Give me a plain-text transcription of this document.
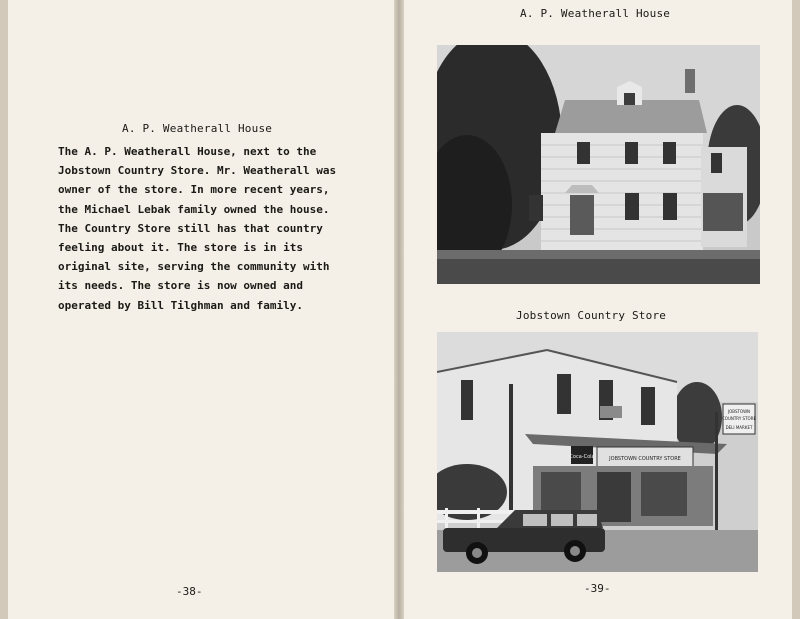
A. P. Weatherall House
The A. P. Weatherall House, next to the
Jobstown Country Store. Mr. Weatherall was
owner of the store. In more recent years,
the Michael Lebak family owned the house.
The Country Store still has that country
feeling about it. The store is in its
original site, serving the community with
its needs. The store is now owned and
operated by Bill Tilghman and family.
-38-
A. P. Weatherall House
Jobstown Country Store
Coca-Cola	JOBSTOWN COUNTRY STORE
JOBSTOWN
COUNTRY STORE
DELI MARKET
-39-
